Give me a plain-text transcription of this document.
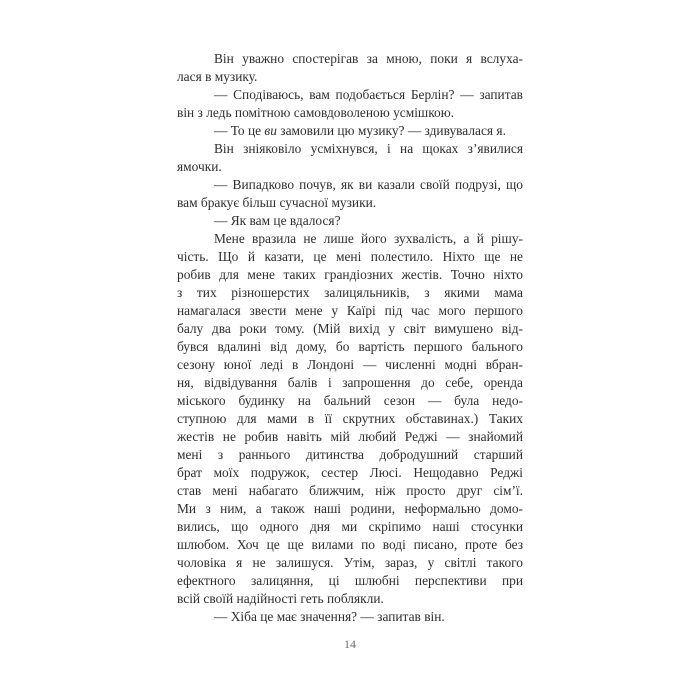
Він уважно спостерігав за мною, поки я вслуха-
лася в музику.
— Сподіваюсь, вам подобається Берлін? — запитав
він з ледь помітною самовдоволеною усмішкою.
— То це ви замовили цю музику? — здивувалася я.
Він зніяковіло усміхнувся, і на щоках з’явилися
ямочки.
— Випадково почув, як ви казали своїй подрузі, що
вам бракує більш сучасної музики.
— Як вам це вдалося?
Мене вразила не лише його зухвалість, а й рішу-
чість. Що й казати, це мені полестило. Ніхто ще не
робив для мене таких грандіозних жестів. Точно ніхто
з тих різношерстих залицяльників, з якими мама
намагалася звести мене у Каїрі під час мого першого
балу два роки тому. (Мій вихід у світ вимушено від-
бувся вдалині від дому, бо вартість першого бального
сезону юної леді в Лондоні — численні модні вбран-
ня, відвідування балів і запрошення до себе, оренда
міського будинку на бальний сезон — була недо-
ступною для мами в її скрутних обставинах.) Таких
жестів не робив навіть мій любий Реджі — знайомий
мені з раннього дитинства добродушний старший
брат моїх подружок, сестер Люсі. Нещодавно Реджі
став мені набагато ближчим, ніж просто друг сім’ї.
Ми з ним, а також наші родини, неформально домо-
вились, що одного дня ми скріпимо наші стосунки
шлюбом. Хоч це ще вилами по воді писано, проте без
чоловіка я не залишуся. Утім, зараз, у світлі такого
ефектного залицяння, ці шлюбні перспективи при
всій своїй надійності геть поблякли.
— Хіба це має значення? — запитав він.
14
